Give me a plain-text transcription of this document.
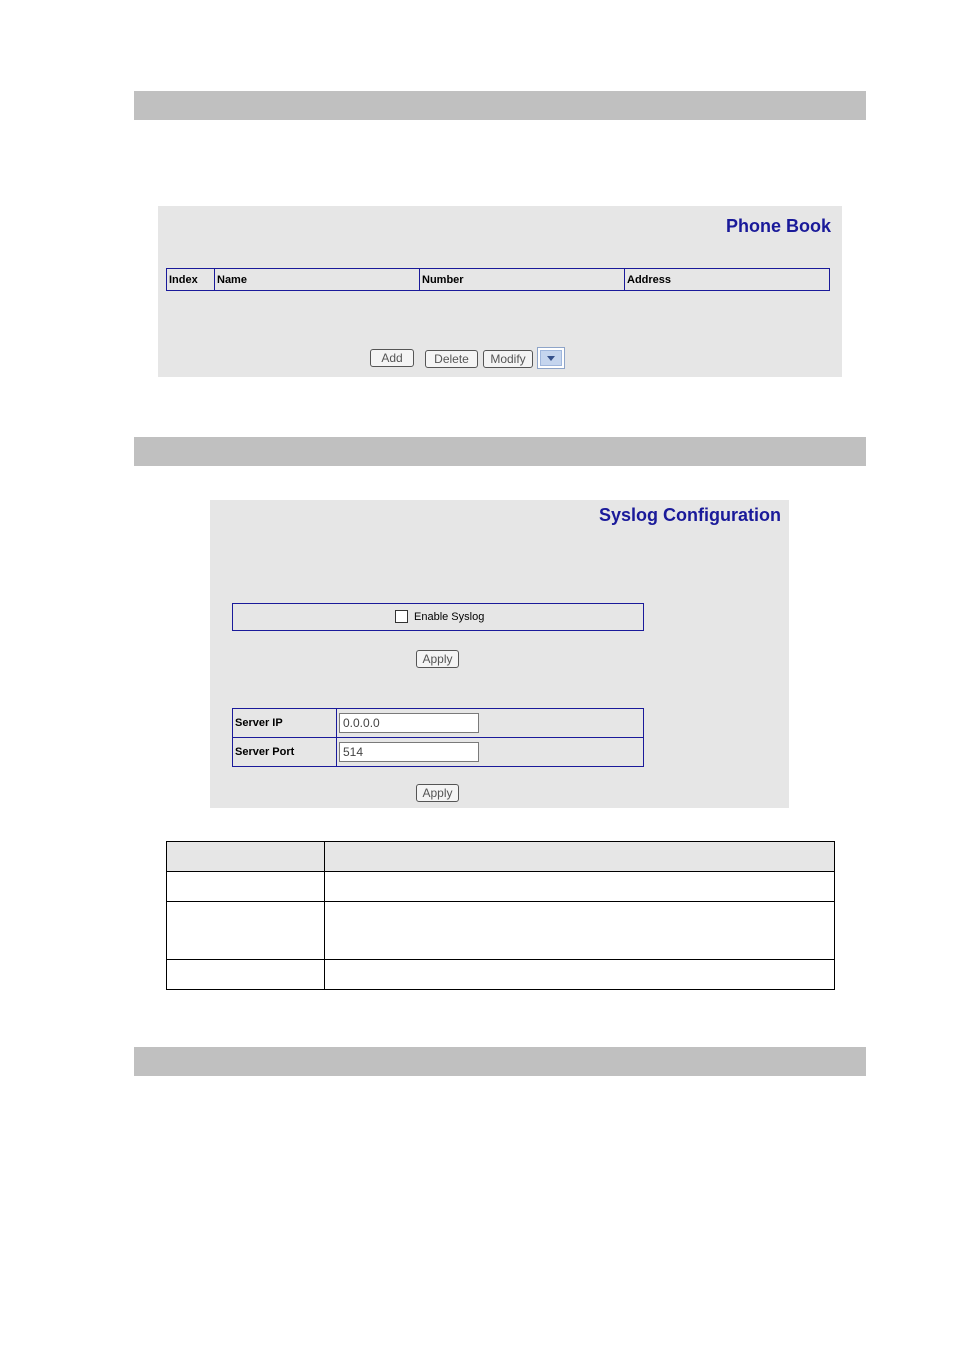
Phone Book
Index	Name	Number	Address
Add	Delete	Modify
Syslog Configuration
Enable Syslog
Apply
Server IP	0.0.0.0
Server Port	514
Apply
